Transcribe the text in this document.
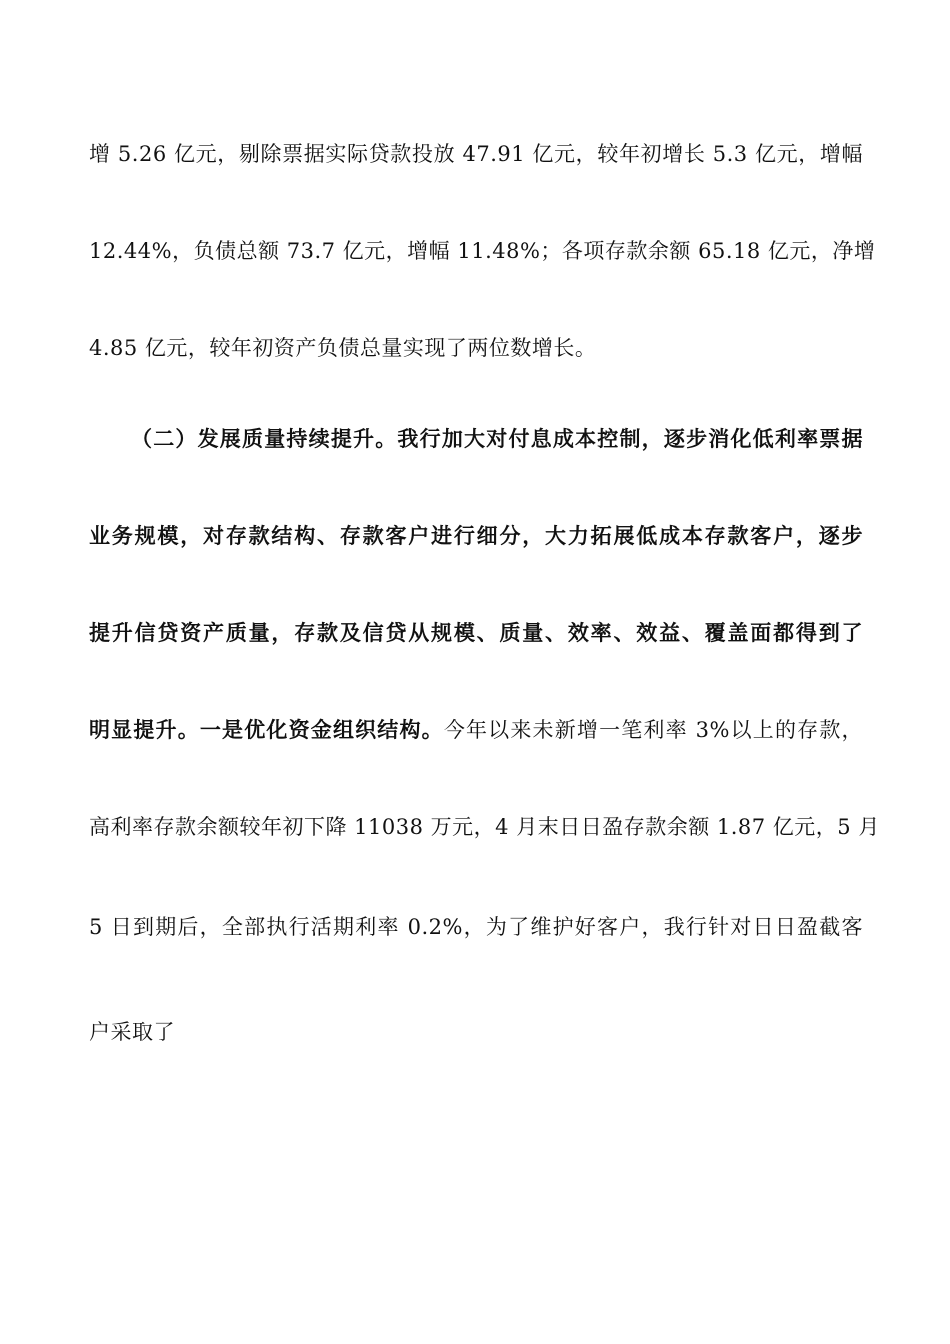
增 5.26 亿元，剔除票据实际贷款投放 47.91 亿元，较年初增长 5.3 亿元，增幅
12.44%，负债总额 73.7 亿元，增幅 11.48%；各项存款余额 65.18 亿元，净增
4.85 亿元，较年初资产负债总量实现了两位数增长。
（二）发展质量持续提升。我行加大对付息成本控制，逐步消化低利率票据
业务规模，对存款结构、存款客户进行细分，大力拓展低成本存款客户，逐步
提升信贷资产质量，存款及信贷从规模、质量、效率、效益、覆盖面都得到了
明显提升。一是优化资金组织结构。今年以来未新增一笔利率 3%以上的存款，
高利率存款余额较年初下降 11038 万元，4 月末日日盈存款余额 1.87 亿元，5 月
5 日到期后，全部执行活期利率 0.2%，为了维护好客户，我行针对日日盈截客
户采取了
